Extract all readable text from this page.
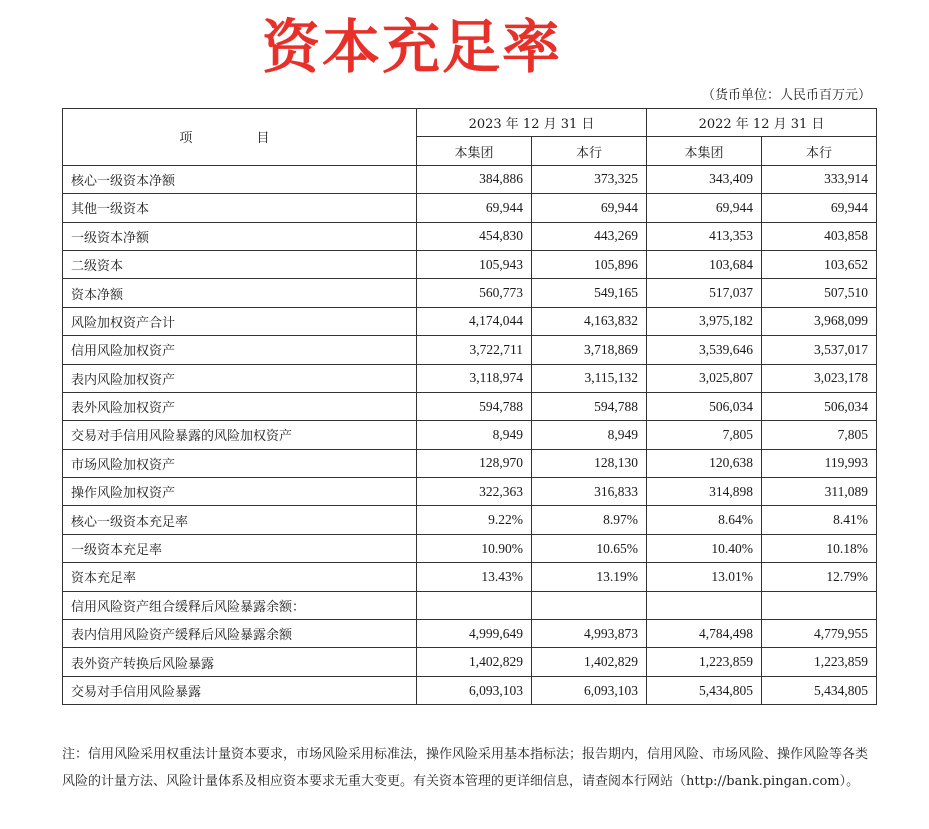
资本充足率
（货币单位：人民币百万元）
项 目	2023 年 12 月 31 日		2022 年 12 月 31 日	
	本集团	本行	本集团	本行
核心一级资本净额	384,886	373,325	343,409	333,914
其他一级资本	69,944	69,944	69,944	69,944
一级资本净额	454,830	443,269	413,353	403,858
二级资本	105,943	105,896	103,684	103,652
资本净额	560,773	549,165	517,037	507,510
风险加权资产合计	4,174,044	4,163,832	3,975,182	3,968,099
信用风险加权资产	3,722,711	3,718,869	3,539,646	3,537,017
表内风险加权资产	3,118,974	3,115,132	3,025,807	3,023,178
表外风险加权资产	594,788	594,788	506,034	506,034
交易对手信用风险暴露的风险加权资产	8,949	8,949	7,805	7,805
市场风险加权资产	128,970	128,130	120,638	119,993
操作风险加权资产	322,363	316,833	314,898	311,089
核心一级资本充足率	9.22%	8.97%	8.64%	8.41%
一级资本充足率	10.90%	10.65%	10.40%	10.18%
资本充足率	13.43%	13.19%	13.01%	12.79%
信用风险资产组合缓释后风险暴露余额：				
表内信用风险资产缓释后风险暴露余额	4,999,649	4,993,873	4,784,498	4,779,955
表外资产转换后风险暴露	1,402,829	1,402,829	1,223,859	1,223,859
交易对手信用风险暴露	6,093,103	6,093,103	5,434,805	5,434,805
注：信用风险采用权重法计量资本要求，市场风险采用标准法，操作风险采用基本指标法；报告期内，信用风险、市场风险、操作风险等各类风险的计量方法、风险计量体系及相应资本要求无重大变更。有关资本管理的更详细信息，请查阅本行网站（http://bank.pingan.com）。
